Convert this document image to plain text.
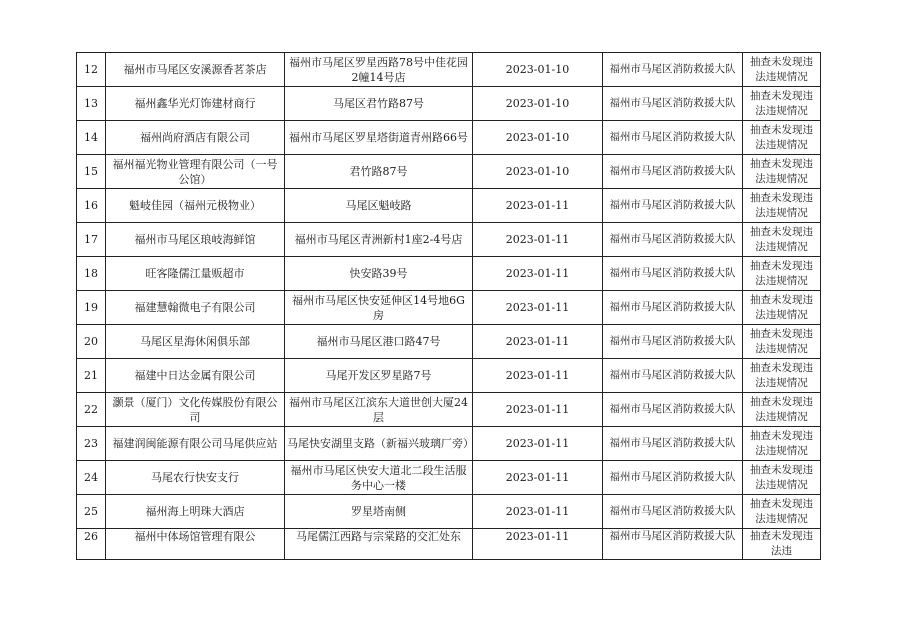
12	福州市马尾区安溪源香茗茶店	福州市马尾区罗星西路78号中佳花园2幢14号店	2023-01-10	福州市马尾区消防救援大队	抽查未发现违法违规情况
13	福州鑫华光灯饰建材商行	马尾区君竹路87号	2023-01-10	福州市马尾区消防救援大队	抽查未发现违法违规情况
14	福州尚府酒店有限公司	福州市马尾区罗星塔街道青州路66号	2023-01-10	福州市马尾区消防救援大队	抽查未发现违法违规情况
15	福州福光物业管理有限公司（一号公馆）	君竹路87号	2023-01-10	福州市马尾区消防救援大队	抽查未发现违法违规情况
16	魁岐佳园（福州元极物业）	马尾区魁岐路	2023-01-11	福州市马尾区消防救援大队	抽查未发现违法违规情况
17	福州市马尾区琅岐海鲜馆	福州市马尾区青洲新村1座2-4号店	2023-01-11	福州市马尾区消防救援大队	抽查未发现违法违规情况
18	旺客隆儒江量贩超市	快安路39号	2023-01-11	福州市马尾区消防救援大队	抽查未发现违法违规情况
19	福建慧翰微电子有限公司	福州市马尾区快安延伸区14号地6G房	2023-01-11	福州市马尾区消防救援大队	抽查未发现违法违规情况
20	马尾区星海休闲俱乐部	福州市马尾区港口路47号	2023-01-11	福州市马尾区消防救援大队	抽查未发现违法违规情况
21	福建中日达金属有限公司	马尾开发区罗星路7号	2023-01-11	福州市马尾区消防救援大队	抽查未发现违法违规情况
22	灏景（厦门）文化传媒股份有限公司	福州市马尾区江滨东大道世创大厦24层	2023-01-11	福州市马尾区消防救援大队	抽查未发现违法违规情况
23	福建润闽能源有限公司马尾供应站	马尾快安湖里支路（新福兴玻璃厂旁）	2023-01-11	福州市马尾区消防救援大队	抽查未发现违法违规情况
24	马尾农行快安支行	福州市马尾区快安大道北二段生活服务中心一楼	2023-01-11	福州市马尾区消防救援大队	抽查未发现违法违规情况
25	福州海上明珠大酒店	罗星塔南侧	2023-01-11	福州市马尾区消防救援大队	抽查未发现违法违规情况
26	福州中体场馆管理有限公	马尾儒江西路与宗棠路的交汇处东	2023-01-11	福州市马尾区消防救援大队	抽查未发现违法违
